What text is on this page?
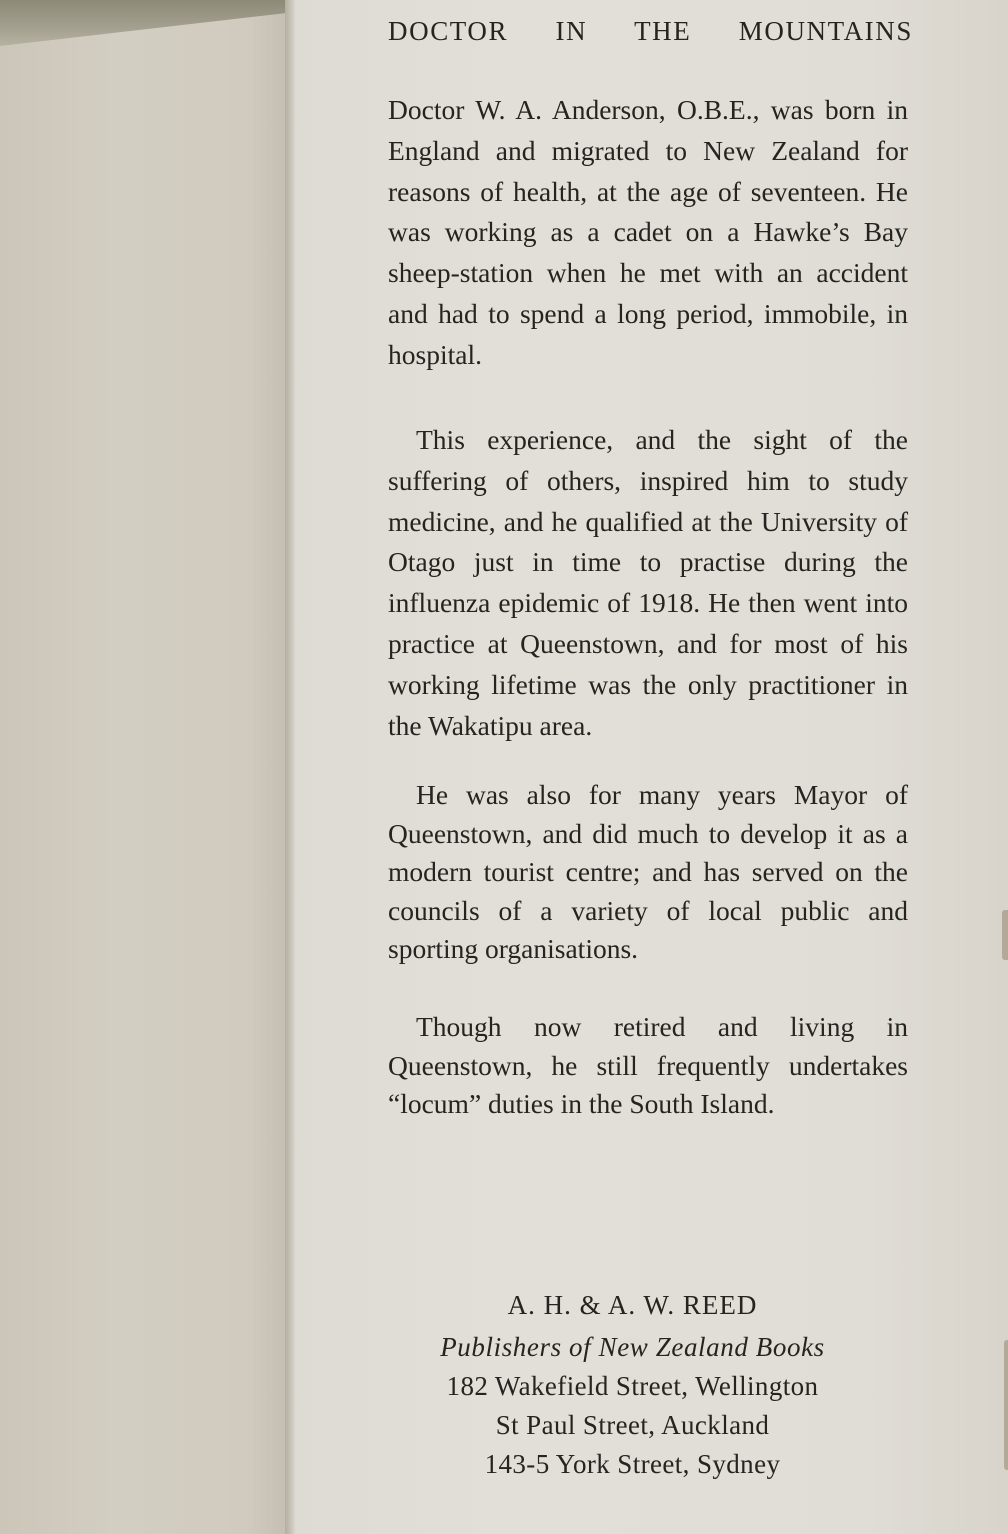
DOCTOR IN THE MOUNTAINS

Doctor W. A. Anderson, O.B.E., was born in England and migrated to New Zealand for reasons of health, at the age of seventeen. He was working as a cadet on a Hawke’s Bay sheep-station when he met with an accident and had to spend a long period, immobile, in hospital.

This experience, and the sight of the suffering of others, inspired him to study medicine, and he qualified at the University of Otago just in time to practise during the influenza epidemic of 1918. He then went into practice at Queenstown, and for most of his working lifetime was the only practitioner in the Wakatipu area.

He was also for many years Mayor of Queenstown, and did much to develop it as a modern tourist centre; and has served on the councils of a variety of local public and sporting organisations.

Though now retired and living in Queenstown, he still frequently undertakes “locum” duties in the South Island.

A. H. & A. W. REED
Publishers of New Zealand Books
182 Wakefield Street, Wellington
St Paul Street, Auckland
143-5 York Street, Sydney
